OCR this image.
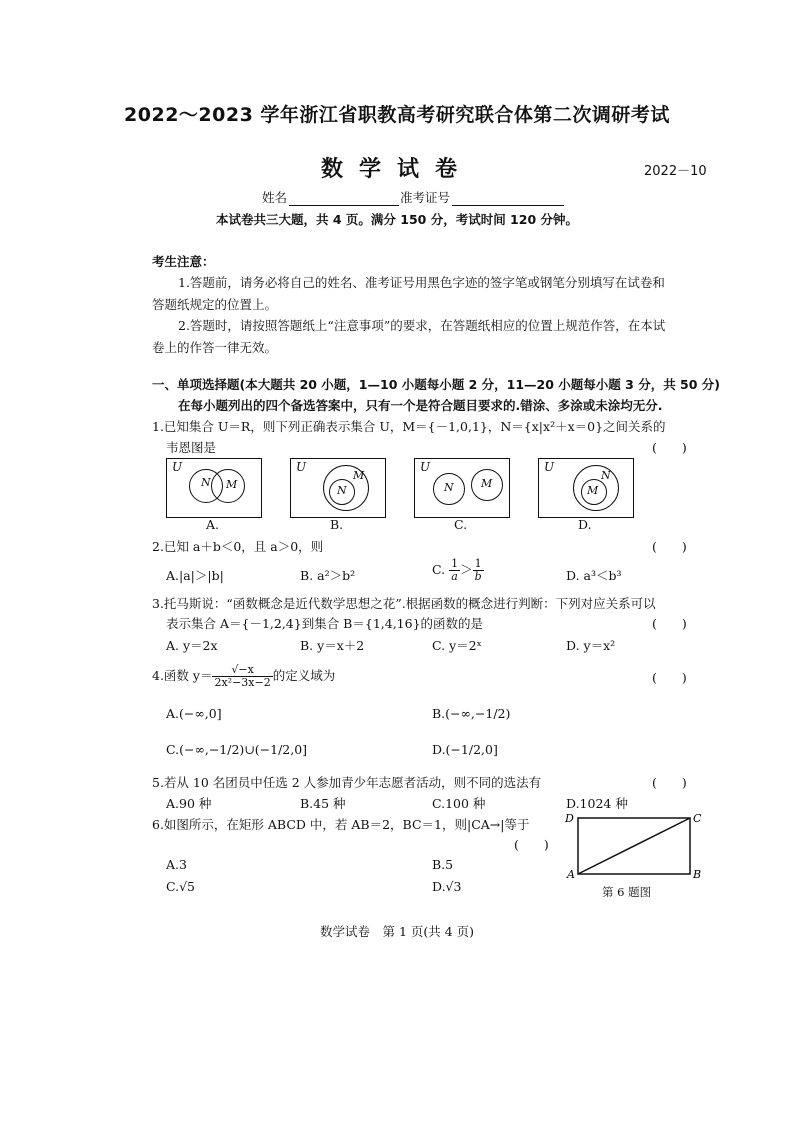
2022～2023 学年浙江省职教高考研究联合体第二次调研考试
数学试卷	2022－10
姓名	准考证号
本试卷共三大题，共 4 页。满分 150 分，考试时间 120 分钟。
考生注意：
1.答题前，请务必将自己的姓名、准考证号用黑色字迹的签字笔或钢笔分别填写在试卷和
答题纸规定的位置上。
2.答题时，请按照答题纸上“注意事项”的要求，在答题纸相应的位置上规范作答，在本试
卷上的作答一律无效。
一、单项选择题(本大题共 20 小题，1—10 小题每小题 2 分，11—20 小题每小题 3 分，共 50 分)
在每小题列出的四个备选答案中，只有一个是符合题目要求的.错涂、多涂或未涂均无分.
1.已知集合 U＝R，则下列正确表示集合 U，M＝{－1,0,1}，N＝{x|x²＋x＝0}之间关系的
韦恩图是	(　　)
U
N M
A.
U
M
N
B.
U
N M
C.
U
N
M
D.
2.已知 a＋b＜0，且 a＞0，则	(　　)
A.|a|＞|b|	B. a²＞b²	C. $\frac{1}{a} > \frac{1}{b}$	D. a³＜b³
3.托马斯说：“函数概念是近代数学思想之花”.根据函数的概念进行判断：下列对应关系可以
表示集合 A＝{－1,2,4}到集合 B＝{1,4,16}的函数的是	(　　)
A. y＝2x	B. y＝x＋2	C. y＝2ˣ	D. y＝x²
4.函数 $y= \frac{√-x}{\text{2x²−3x−2}}$ 的定义域为	(　　)
A.(−∞,0]	B.(−∞,−1/2)
C.(−∞,−1/2)∪(−1/2,0]	D.(−1/2,0]
5.若从 10 名团员中任选 2 人参加青少年志愿者活动，则不同的选法有	(　　)
A.90 种	B.45 种	C.100 种	D.1024 种
6.如图所示，在矩形 ABCD 中，若 AB＝2，BC＝1，则|CA→|等于
(　　)
A.3	B.5
C.√5	D.√3
D	C
A	B
第 6 题图
数学试卷　第 1 页(共 4 页)
